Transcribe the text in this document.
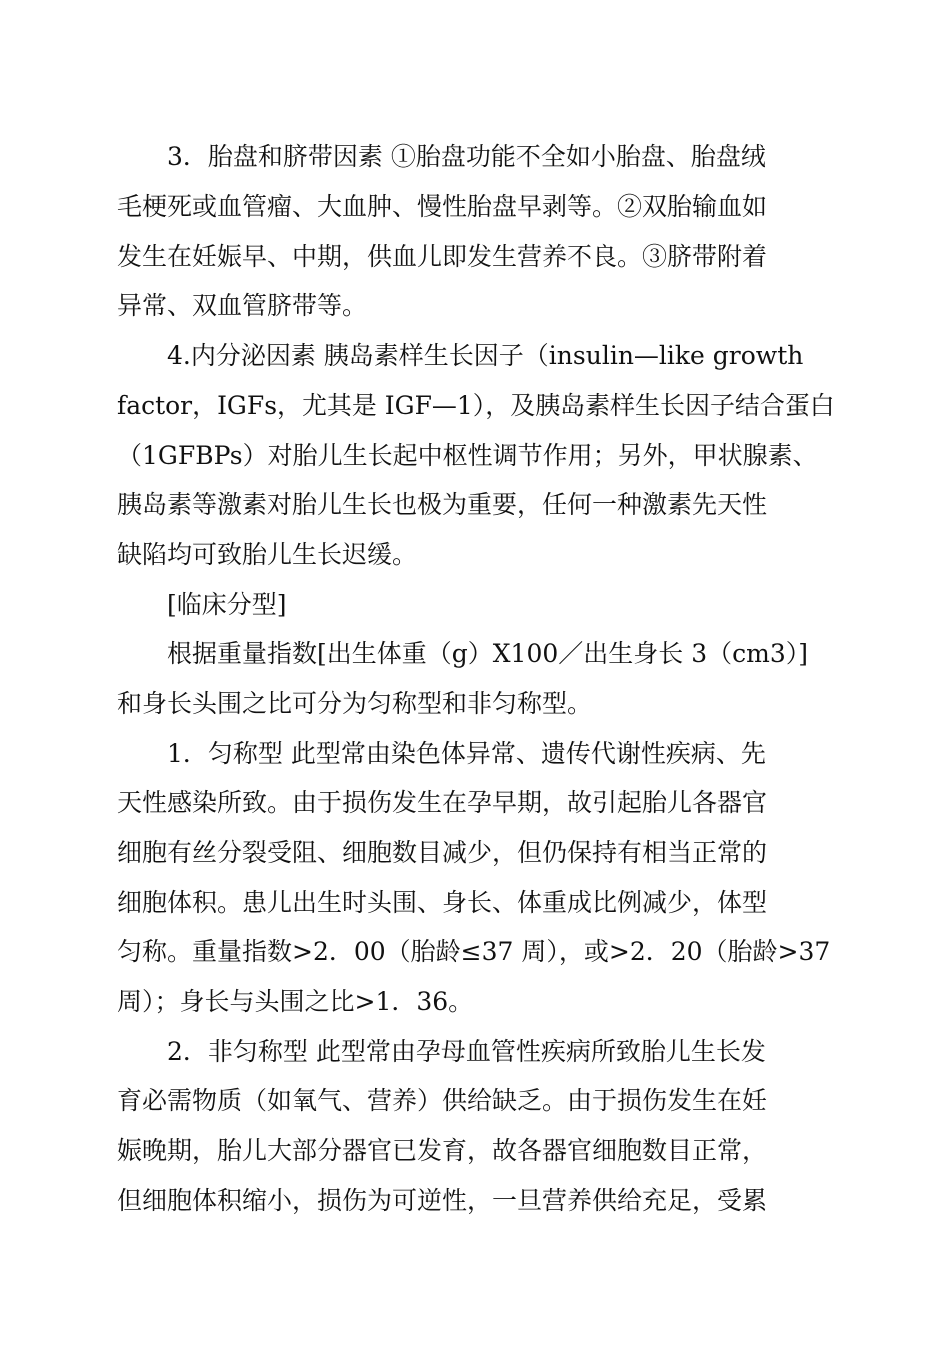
3．胎盘和脐带因素 ①胎盘功能不全如小胎盘、胎盘绒

毛梗死或血管瘤、大血肿、慢性胎盘早剥等。②双胎输血如

发生在妊娠早、中期，供血儿即发生营养不良。③脐带附着

异常、双血管脐带等。

4.内分泌因素 胰岛素样生长因子（insulin—like growth

factor，IGFs，尤其是 IGF—1），及胰岛素样生长因子结合蛋白

（1GFBPs）对胎儿生长起中枢性调节作用；另外，甲状腺素、

胰岛素等激素对胎儿生长也极为重要，任何一种激素先天性

缺陷均可致胎儿生长迟缓。

[临床分型]

根据重量指数[出生体重（g）X100／出生身长 3（cm3）]

和身长头围之比可分为匀称型和非匀称型。

1．匀称型 此型常由染色体异常、遗传代谢性疾病、先

天性感染所致。由于损伤发生在孕早期，故引起胎儿各器官

细胞有丝分裂受阻、细胞数目减少，但仍保持有相当正常的

细胞体积。患儿出生时头围、身长、体重成比例减少，体型

匀称。重量指数>2．00（胎龄≤37 周），或>2．20（胎龄>37

周）；身长与头围之比>1．36。

2．非匀称型 此型常由孕母血管性疾病所致胎儿生长发

育必需物质（如氧气、营养）供给缺乏。由于损伤发生在妊

娠晚期，胎儿大部分器官已发育，故各器官细胞数目正常，

但细胞体积缩小，损伤为可逆性，一旦营养供给充足，受累
